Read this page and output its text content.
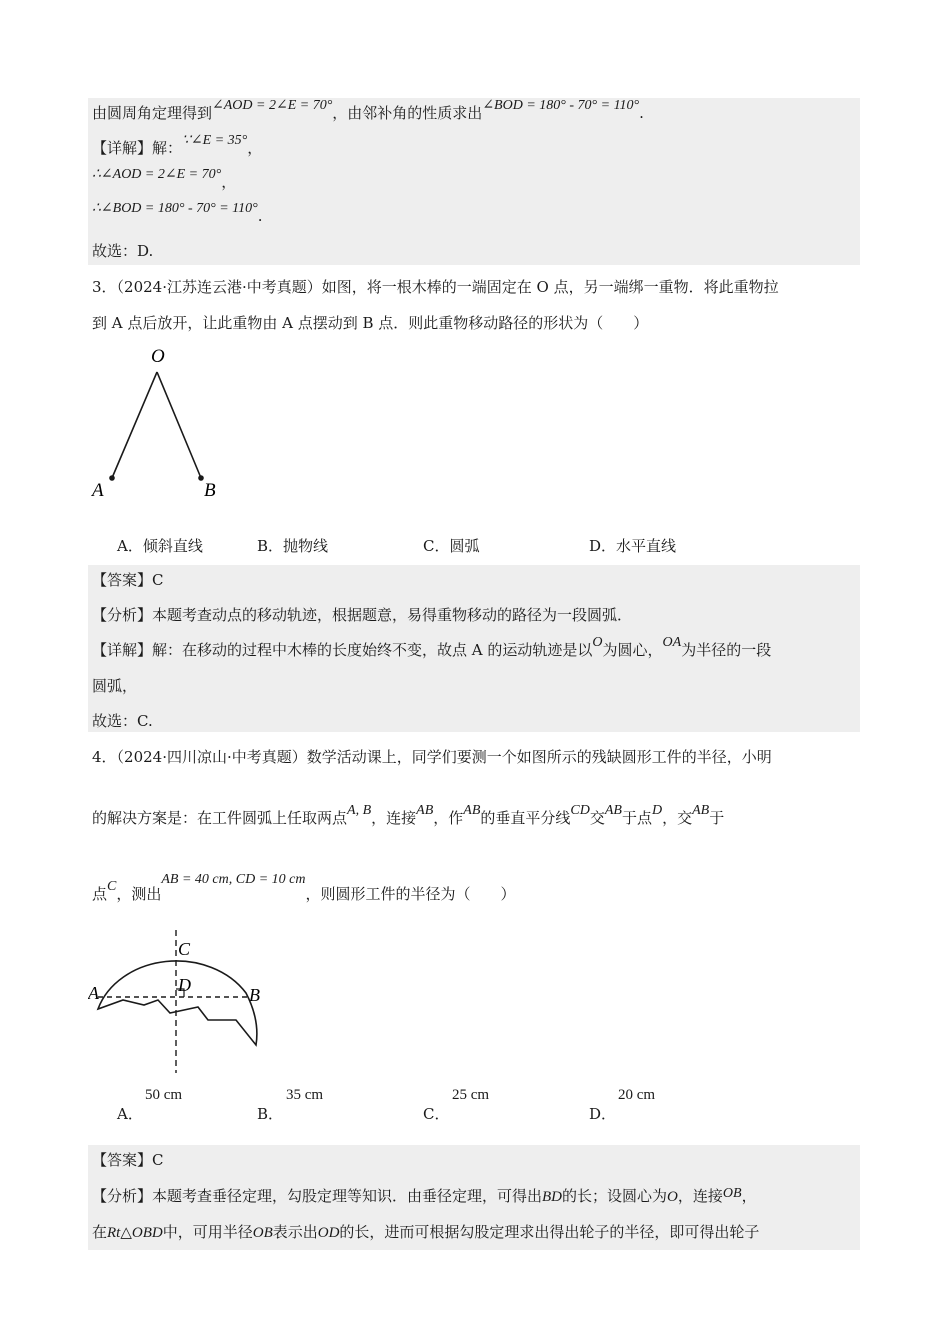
由圆周角定理得到∠AOD = 2∠E = 70°，由邻补角的性质求出∠BOD = 180° - 70° = 110°.
【详解】解：∵∠E = 35°，
∴∠AOD = 2∠E = 70°，
∴∠BOD = 180° - 70° = 110°.
故选：D.
3．（2024·江苏连云港·中考真题）如图，将一根木棒的一端固定在 O 点，另一端绑一重物．将此重物拉
到 A 点后放开，让此重物由 A 点摆动到 B 点．则此重物移动路径的形状为（　　）
O
A	B
A．倾斜直线	B．抛物线	C．圆弧	D．水平直线
【答案】C
【分析】本题考查动点的移动轨迹，根据题意，易得重物移动的路径为一段圆弧．
【详解】解：在移动的过程中木棒的长度始终不变，故点 A 的运动轨迹是以O为圆心，OA为半径的一段
圆弧，
故选：C.
4．（2024·四川凉山·中考真题）数学活动课上，同学们要测一个如图所示的残缺圆形工件的半径，小明
的解决方案是：在工件圆弧上任取两点A, B，连接AB，作AB的垂直平分线CD交AB于点D，交AB于
点C，测出AB = 40 cm, CD = 10 cm，则圆形工件的半径为（　　）
C
D
A	B
A．
50 cm
B．
35 cm
C．
25 cm
D．
20 cm
【答案】C
【分析】本题考查垂径定理，勾股定理等知识．由垂径定理，可得出BD的长；设圆心为O，连接OB，
在Rt△OBD中，可用半径OB表示出OD的长，进而可根据勾股定理求出得出轮子的半径，即可得出轮子
